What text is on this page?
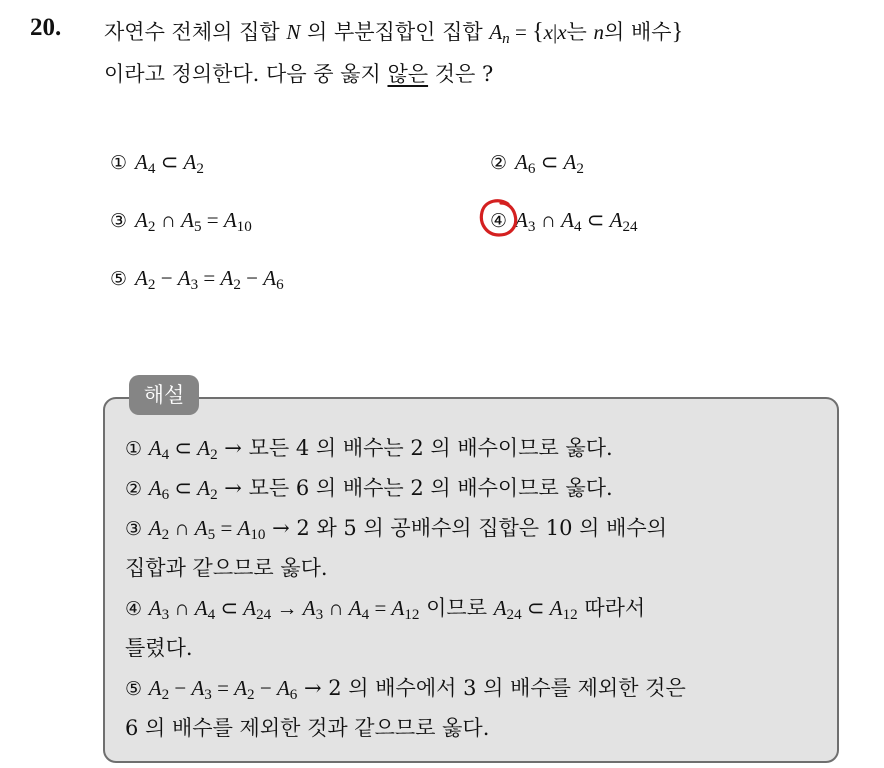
20. 자연수 전체의 집합 N 의 부분집합인 집합 $A_n = \{x|x$는 n의 배수}
이라고 정의한다. 다음 중 옳지 않은 것은 ?
① $A_4$ ⊂ $A_2$	② $A_6$ ⊂ $A_2$
③ $A_2$ ∩ $A_5 = A_{10}$	④ $A_3$ ∩ $A_4$ ⊂ $A_{24}$
⑤ $A_2 - A_3 = A_2 - A_6$
해설
① $A_4$ ⊂ $A_2$ → 모든 4 의 배수는 2 의 배수이므로 옳다.
② $A_6$ ⊂ $A_2$ → 모든 6 의 배수는 2 의 배수이므로 옳다.
③ $A_2$ ∩ $A_5 = A_{10} \to 2$ 와 5 의 공배수의 집합은 10 의 배수의
집합과 같으므로 옳다.
④ $A_3$ ∩ $A_4$ ⊂ $A_{24} \to A_3$ ∩ $A_4 = A_{12}$ 이므로 $A_{24}$ ⊂ $A_{12}$ 따라서
틀렸다.
⑤ $A_2 - A_3 = A_2 - A_6 \to 2$ 의 배수에서 3 의 배수를 제외한 것은
6 의 배수를 제외한 것과 같으므로 옳다.
